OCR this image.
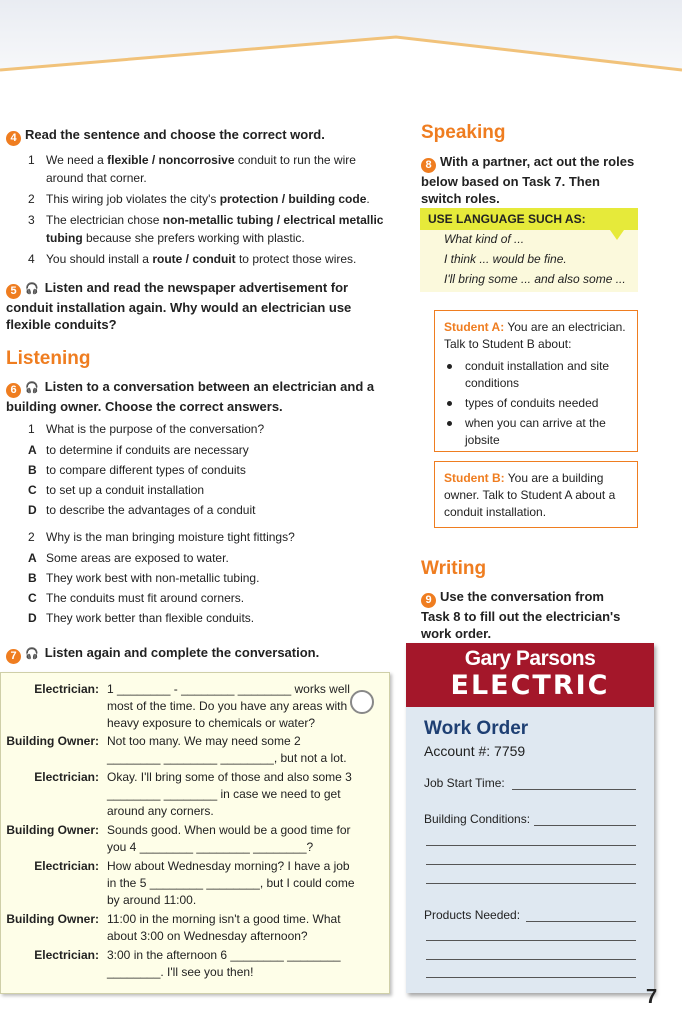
4 Read the sentence and choose the correct word.
1 We need a flexible / noncorrosive conduit to run the wire around that corner.
2 This wiring job violates the city's protection / building code.
3 The electrician chose non-metallic tubing / electrical metallic tubing because she prefers working with plastic.
4 You should install a route / conduit to protect those wires.
5 🎧 Listen and read the newspaper advertisement for conduit installation again. Why would an electrician use flexible conduits?
Listening
6 🎧 Listen to a conversation between an electrician and a building owner. Choose the correct answers.
1 What is the purpose of the conversation?
A to determine if conduits are necessary
B to compare different types of conduits
C to set up a conduit installation
D to describe the advantages of a conduit
2 Why is the man bringing moisture tight fittings?
A Some areas are exposed to water.
B They work best with non-metallic tubing.
C The conduits must fit around corners.
D They work better than flexible conduits.
7 🎧 Listen again and complete the conversation.
Electrician: 1 ________ - ________ ________ works well most of the time. Do you have any areas with heavy exposure to chemicals or water?
Building Owner: Not too many. We may need some 2 ________ ________ ________, but not a lot.
Electrician: Okay. I'll bring some of those and also some 3 ________ ________ in case we need to get around any corners.
Building Owner: Sounds good. When would be a good time for you 4 ________ ________ ________?
Electrician: How about Wednesday morning? I have a job in the 5 ________ ________, but I could come by around 11:00.
Building Owner: 11:00 in the morning isn't a good time. What about 3:00 on Wednesday afternoon?
Electrician: 3:00 in the afternoon 6 ________ ________ ________. I'll see you then!
Speaking
8 With a partner, act out the roles below based on Task 7. Then switch roles.
USE LANGUAGE SUCH AS:
What kind of ...
I think ... would be fine.
I'll bring some ... and also some ...
Student A: You are an electrician. Talk to Student B about:
conduit installation and site conditions
types of conduits needed
when you can arrive at the jobsite
Student B: You are a building owner. Talk to Student A about a conduit installation.
Writing
9 Use the conversation from Task 8 to fill out the electrician's work order.
Gary Parsons
ELECTRIC
Work Order
Account #: 7759
Job Start Time:
Building Conditions:
Products Needed:
7
